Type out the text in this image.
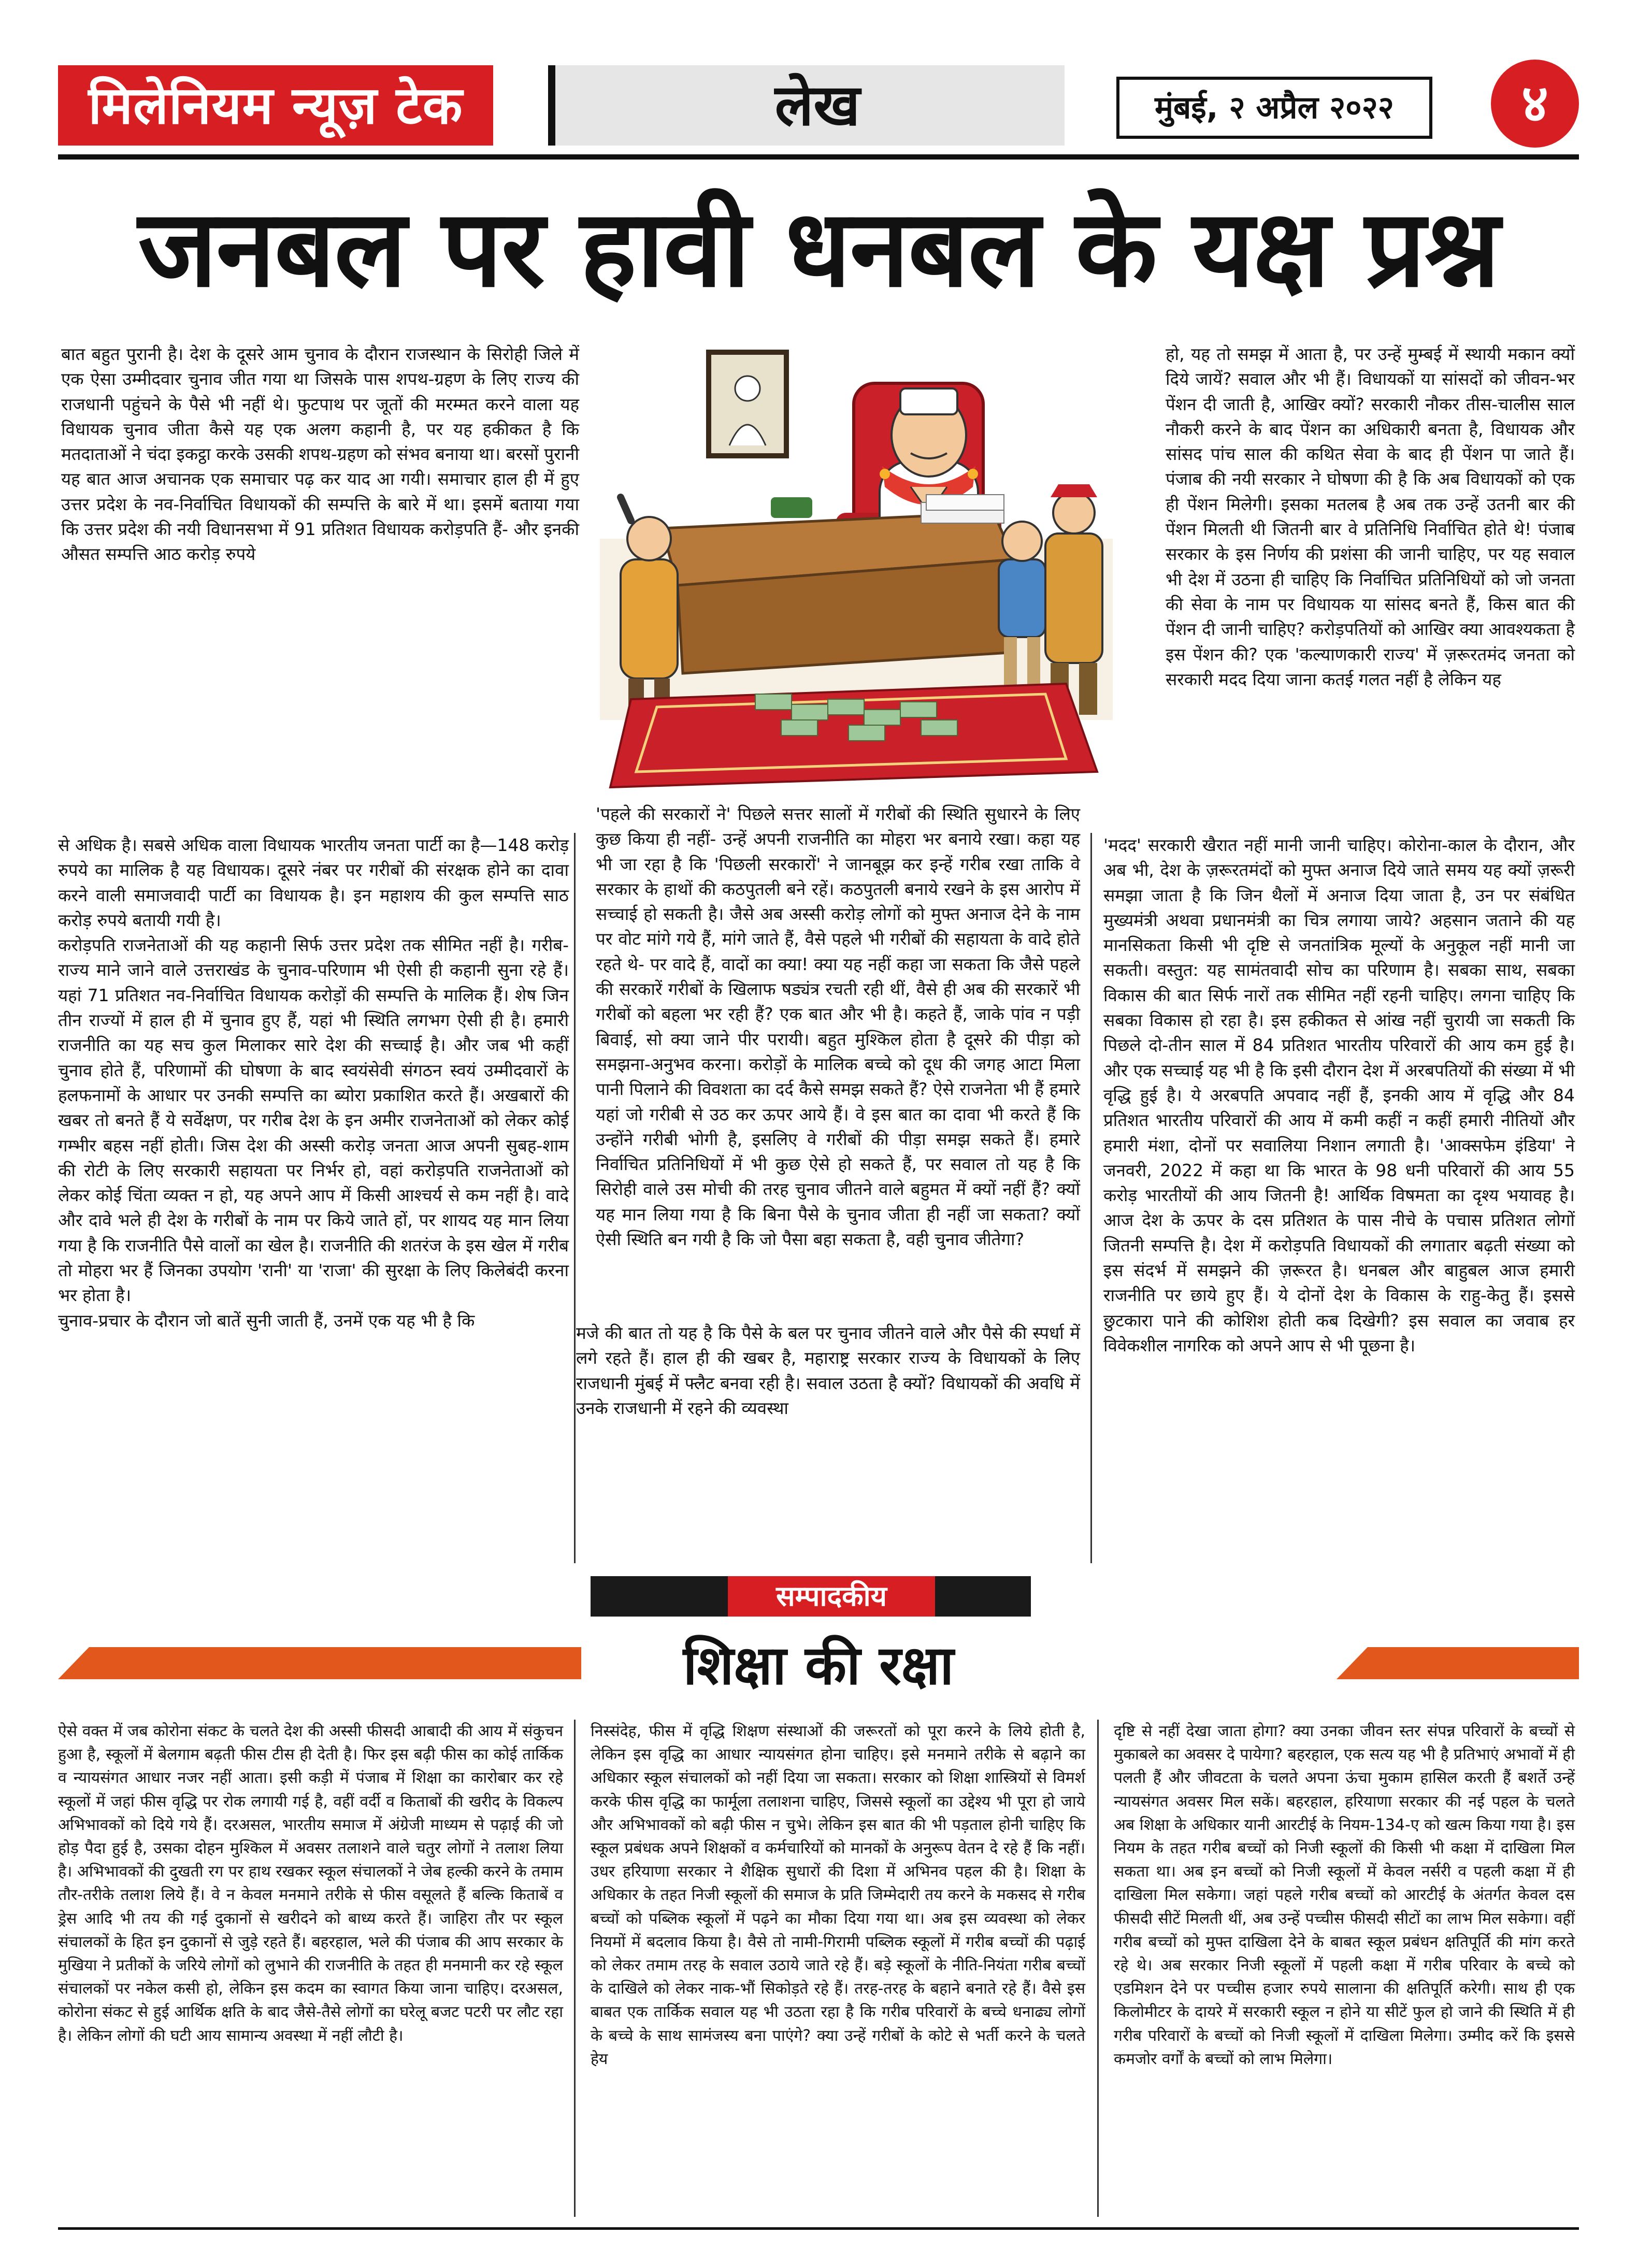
मिलेनियम न्यूज़ टेक	लेख	मुंबई, २ अप्रैल २०२२	४
जनबल पर हावी धनबल के यक्ष प्रश्न

बात बहुत पुरानी है। देश के दूसरे आम चुनाव के दौरान राजस्थान के सिरोही जिले में एक ऐसा उम्मीदवार चुनाव जीत गया था जिसके पास शपथ-ग्रहण के लिए राज्य की राजधानी पहुंचने के पैसे भी नहीं थे। फुटपाथ पर जूतों की मरम्मत करने वाला यह विधायक चुनाव जीता कैसे यह एक अलग कहानी है, पर यह हकीकत है कि मतदाताओं ने चंदा इकट्ठा करके उसकी शपथ-ग्रहण को संभव बनाया था। बरसों पुरानी यह बात आज अचानक एक समाचार पढ़ कर याद आ गयी। समाचार हाल ही में हुए उत्तर प्रदेश के नव-निर्वाचित विधायकों की सम्पत्ति के बारे में था। इसमें बताया गया कि उत्तर प्रदेश की नयी विधानसभा में 91 प्रतिशत विधायक करोड़पति हैं- और इनकी औसत सम्पत्ति आठ करोड़ रुपये

से अधिक है। सबसे अधिक वाला विधायक भारतीय जनता पार्टी का है—148 करोड़ रुपये का मालिक है यह विधायक। दूसरे नंबर पर गरीबों की संरक्षक होने का दावा करने वाली समाजवादी पार्टी का विधायक है। इन महाशय की कुल सम्पत्ति साठ करोड़ रुपये बतायी गयी है।

करोड़पति राजनेताओं की यह कहानी सिर्फ उत्तर प्रदेश तक सीमित नहीं है। गरीब-राज्य माने जाने वाले उत्तराखंड के चुनाव-परिणाम भी ऐसी ही कहानी सुना रहे हैं। यहां 71 प्रतिशत नव-निर्वाचित विधायक करोड़ों की सम्पत्ति के मालिक हैं। शेष जिन तीन राज्यों में हाल ही में चुनाव हुए हैं, यहां भी स्थिति लगभग ऐसी ही है। हमारी राजनीति का यह सच कुल मिलाकर सारे देश की सच्चाई है। और जब भी कहीं चुनाव होते हैं, परिणामों की घोषणा के बाद स्वयंसेवी संगठन स्वयं उम्मीदवारों के हलफनामों के आधार पर उनकी सम्पत्ति का ब्योरा प्रकाशित करते हैं। अखबारों की खबर तो बनते हैं ये सर्वेक्षण, पर गरीब देश के इन अमीर राजनेताओं को लेकर कोई गम्भीर बहस नहीं होती। जिस देश की अस्सी करोड़ जनता आज अपनी सुबह-शाम की रोटी के लिए सरकारी सहायता पर निर्भर हो, वहां करोड़पति राजनेताओं को लेकर कोई चिंता व्यक्त न हो, यह अपने आप में किसी आश्चर्य से कम नहीं है। वादे और दावे भले ही देश के गरीबों के नाम पर किये जाते हों, पर शायद यह मान लिया गया है कि राजनीति पैसे वालों का खेल है। राजनीति की शतरंज के इस खेल में गरीब तो मोहरा भर हैं जिनका उपयोग 'रानी' या 'राजा' की सुरक्षा के लिए किलेबंदी करना भर होता है।

चुनाव-प्रचार के दौरान जो बातें सुनी जाती हैं, उनमें एक यह भी है कि

'पहले की सरकारों ने' पिछले सत्तर सालों में गरीबों की स्थिति सुधारने के लिए कुछ किया ही नहीं- उन्हें अपनी राजनीति का मोहरा भर बनाये रखा। कहा यह भी जा रहा है कि 'पिछली सरकारों' ने जानबूझ कर इन्हें गरीब रखा ताकि वे सरकार के हाथों की कठपुतली बने रहें। कठपुतली बनाये रखने के इस आरोप में सच्चाई हो सकती है। जैसे अब अस्सी करोड़ लोगों को मुफ्त अनाज देने के नाम पर वोट मांगे गये हैं, मांगे जाते हैं, वैसे पहले भी गरीबों की सहायता के वादे होते रहते थे- पर वादे हैं, वादों का क्या! क्या यह नहीं कहा जा सकता कि जैसे पहले की सरकारें गरीबों के खिलाफ षड्यंत्र रचती रही थीं, वैसे ही अब की सरकारें भी गरीबों को बहला भर रही हैं? एक बात और भी है। कहते हैं, जाके पांव न पड़ी बिवाई, सो क्या जाने पीर परायी। बहुत मुश्किल होता है दूसरे की पीड़ा को समझना-अनुभव करना। करोड़ों के मालिक बच्चे को दूध की जगह आटा मिला पानी पिलाने की विवशता का दर्द कैसे समझ सकते हैं? ऐसे राजनेता भी हैं हमारे यहां जो गरीबी से उठ कर ऊपर आये हैं। वे इस बात का दावा भी करते हैं कि उन्होंने गरीबी भोगी है, इसलिए वे गरीबों की पीड़ा समझ सकते हैं। हमारे निर्वाचित प्रतिनिधियों में भी कुछ ऐसे हो सकते हैं, पर सवाल तो यह है कि सिरोही वाले उस मोची की तरह चुनाव जीतने वाले बहुमत में क्यों नहीं हैं? क्यों यह मान लिया गया है कि बिना पैसे के चुनाव जीता ही नहीं जा सकता? क्यों ऐसी स्थिति बन गयी है कि जो पैसा बहा सकता है, वही चुनाव जीतेगा?

मजे की बात तो यह है कि पैसे के बल पर चुनाव जीतने वाले और पैसे की स्पर्धा में लगे रहते हैं। हाल ही की खबर है, महाराष्ट्र सरकार राज्य के विधायकों के लिए राजधानी मुंबई में फ्लैट बनवा रही है। सवाल उठता है क्यों? विधायकों की अवधि में उनके राजधानी में रहने की व्यवस्था

हो, यह तो समझ में आता है, पर उन्हें मुम्बई में स्थायी मकान क्यों दिये जायें? सवाल और भी हैं। विधायकों या सांसदों को जीवन-भर पेंशन दी जाती है, आखिर क्यों? सरकारी नौकर तीस-चालीस साल नौकरी करने के बाद पेंशन का अधिकारी बनता है, विधायक और सांसद पांच साल की कथित सेवा के बाद ही पेंशन पा जाते हैं। पंजाब की नयी सरकार ने घोषणा की है कि अब विधायकों को एक ही पेंशन मिलेगी। इसका मतलब है अब तक उन्हें उतनी बार की पेंशन मिलती थी जितनी बार वे प्रतिनिधि निर्वाचित होते थे! पंजाब सरकार के इस निर्णय की प्रशंसा की जानी चाहिए, पर यह सवाल भी देश में उठना ही चाहिए कि निर्वाचित प्रतिनिधियों को जो जनता की सेवा के नाम पर विधायक या सांसद बनते हैं, किस बात की पेंशन दी जानी चाहिए? करोड़पतियों को आखिर क्या आवश्यकता है इस पेंशन की? एक 'कल्याणकारी राज्य' में ज़रूरतमंद जनता को सरकारी मदद दिया जाना कतई गलत नहीं है लेकिन यह

'मदद' सरकारी खैरात नहीं मानी जानी चाहिए। कोरोना-काल के दौरान, और अब भी, देश के ज़रूरतमंदों को मुफ्त अनाज दिये जाते समय यह क्यों ज़रूरी समझा जाता है कि जिन थैलों में अनाज दिया जाता है, उन पर संबंधित मुख्यमंत्री अथवा प्रधानमंत्री का चित्र लगाया जाये? अहसान जताने की यह मानसिकता किसी भी दृष्टि से जनतांत्रिक मूल्यों के अनुकूल नहीं मानी जा सकती। वस्तुत: यह सामंतवादी सोच का परिणाम है। सबका साथ, सबका विकास की बात सिर्फ नारों तक सीमित नहीं रहनी चाहिए। लगना चाहिए कि सबका विकास हो रहा है। इस हकीकत से आंख नहीं चुरायी जा सकती कि पिछले दो-तीन साल में 84 प्रतिशत भारतीय परिवारों की आय कम हुई है। और एक सच्चाई यह भी है कि इसी दौरान देश में अरबपतियों की संख्या में भी वृद्धि हुई है। ये अरबपति अपवाद नहीं हैं, इनकी आय में वृद्धि और 84 प्रतिशत भारतीय परिवारों की आय में कमी कहीं न कहीं हमारी नीतियों और हमारी मंशा, दोनों पर सवालिया निशान लगाती है। 'आक्सफेम इंडिया' ने जनवरी, 2022 में कहा था कि भारत के 98 धनी परिवारों की आय 55 करोड़ भारतीयों की आय जितनी है! आर्थिक विषमता का दृश्य भयावह है। आज देश के ऊपर के दस प्रतिशत के पास नीचे के पचास प्रतिशत लोगों जितनी सम्पत्ति है। देश में करोड़पति विधायकों की लगातार बढ़ती संख्या को इस संदर्भ में समझने की ज़रूरत है। धनबल और बाहुबल आज हमारी राजनीति पर छाये हुए हैं। ये दोनों देश के विकास के राहु-केतु हैं। इससे छुटकारा पाने की कोशिश होती कब दिखेगी? इस सवाल का जवाब हर विवेकशील नागरिक को अपने आप से भी पूछना है।

सम्पादकीय
शिक्षा की रक्षा

ऐसे वक्त में जब कोरोना संकट के चलते देश की अस्सी फीसदी आबादी की आय में संकुचन हुआ है, स्कूलों में बेलगाम बढ़ती फीस टीस ही देती है। फिर इस बढ़ी फीस का कोई तार्किक व न्यायसंगत आधार नजर नहीं आता। इसी कड़ी में पंजाब में शिक्षा का कारोबार कर रहे स्कूलों में जहां फीस वृद्धि पर रोक लगायी गई है, वहीं वर्दी व किताबों की खरीद के विकल्प अभिभावकों को दिये गये हैं। दरअसल, भारतीय समाज में अंग्रेजी माध्यम से पढ़ाई की जो होड़ पैदा हुई है, उसका दोहन मुश्किल में अवसर तलाशने वाले चतुर लोगों ने तलाश लिया है। अभिभावकों की दुखती रग पर हाथ रखकर स्कूल संचालकों ने जेब हल्की करने के तमाम तौर-तरीके तलाश लिये हैं। वे न केवल मनमाने तरीके से फीस वसूलते हैं बल्कि किताबें व ड्रेस आदि भी तय की गई दुकानों से खरीदने को बाध्य करते हैं। जाहिरा तौर पर स्कूल संचालकों के हित इन दुकानों से जुड़े रहते हैं। बहरहाल, भले की पंजाब की आप सरकार के मुखिया ने प्रतीकों के जरिये लोगों को लुभाने की राजनीति के तहत ही मनमानी कर रहे स्कूल संचालकों पर नकेल कसी हो, लेकिन इस कदम का स्वागत किया जाना चाहिए। दरअसल, कोरोना संकट से हुई आर्थिक क्षति के बाद जैसे-तैसे लोगों का घरेलू बजट पटरी पर लौट रहा है। लेकिन लोगों की घटी आय सामान्य अवस्था में नहीं लौटी है।

निस्संदेह, फीस में वृद्धि शिक्षण संस्थाओं की जरूरतों को पूरा करने के लिये होती है, लेकिन इस वृद्धि का आधार न्यायसंगत होना चाहिए। इसे मनमाने तरीके से बढ़ाने का अधिकार स्कूल संचालकों को नहीं दिया जा सकता। सरकार को शिक्षा शास्त्रियों से विमर्श करके फीस वृद्धि का फार्मूला तलाशना चाहिए, जिससे स्कूलों का उद्देश्य भी पूरा हो जाये और अभिभावकों को बढ़ी फीस न चुभे। लेकिन इस बात की भी पड़ताल होनी चाहिए कि स्कूल प्रबंधक अपने शिक्षकों व कर्मचारियों को मानकों के अनुरूप वेतन दे रहे हैं कि नहीं। उधर हरियाणा सरकार ने शैक्षिक सुधारों की दिशा में अभिनव पहल की है। शिक्षा के अधिकार के तहत निजी स्कूलों की समाज के प्रति जिम्मेदारी तय करने के मकसद से गरीब बच्चों को पब्लिक स्कूलों में पढ़ने का मौका दिया गया था। अब इस व्यवस्था को लेकर नियमों में बदलाव किया है। वैसे तो नामी-गिरामी पब्लिक स्कूलों में गरीब बच्चों की पढ़ाई को लेकर तमाम तरह के सवाल उठाये जाते रहे हैं। बड़े स्कूलों के नीति-नियंता गरीब बच्चों के दाखिले को लेकर नाक-भौं सिकोड़ते रहे हैं। तरह-तरह के बहाने बनाते रहे हैं। वैसे इस बाबत एक तार्किक सवाल यह भी उठता रहा है कि गरीब परिवारों के बच्चे धनाढ्य लोगों के बच्चे के साथ सामंजस्य बना पाएंगे? क्या उन्हें गरीबों के कोटे से भर्ती करने के चलते हेय

दृष्टि से नहीं देखा जाता होगा? क्या उनका जीवन स्तर संपन्न परिवारों के बच्चों से मुकाबले का अवसर दे पायेगा? बहरहाल, एक सत्य यह भी है प्रतिभाएं अभावों में ही पलती हैं और जीवटता के चलते अपना ऊंचा मुकाम हासिल करती हैं बशर्ते उन्हें न्यायसंगत अवसर मिल सकें। बहरहाल, हरियाणा सरकार की नई पहल के चलते अब शिक्षा के अधिकार यानी आरटीई के नियम-134-ए को खत्म किया गया है। इस नियम के तहत गरीब बच्चों को निजी स्कूलों की किसी भी कक्षा में दाखिला मिल सकता था। अब इन बच्चों को निजी स्कूलों में केवल नर्सरी व पहली कक्षा में ही दाखिला मिल सकेगा। जहां पहले गरीब बच्चों को आरटीई के अंतर्गत केवल दस फीसदी सीटें मिलती थीं, अब उन्हें पच्चीस फीसदी सीटों का लाभ मिल सकेगा। वहीं गरीब बच्चों को मुफ्त दाखिला देने के बाबत स्कूल प्रबंधन क्षतिपूर्ति की मांग करते रहे थे। अब सरकार निजी स्कूलों में पहली कक्षा में गरीब परिवार के बच्चे को एडमिशन देने पर पच्चीस हजार रुपये सालाना की क्षतिपूर्ति करेगी। साथ ही एक किलोमीटर के दायरे में सरकारी स्कूल न होने या सीटें फुल हो जाने की स्थिति में ही गरीब परिवारों के बच्चों को निजी स्कूलों में दाखिला मिलेगा। उम्मीद करें कि इससे कमजोर वर्गों के बच्चों को लाभ मिलेगा।
